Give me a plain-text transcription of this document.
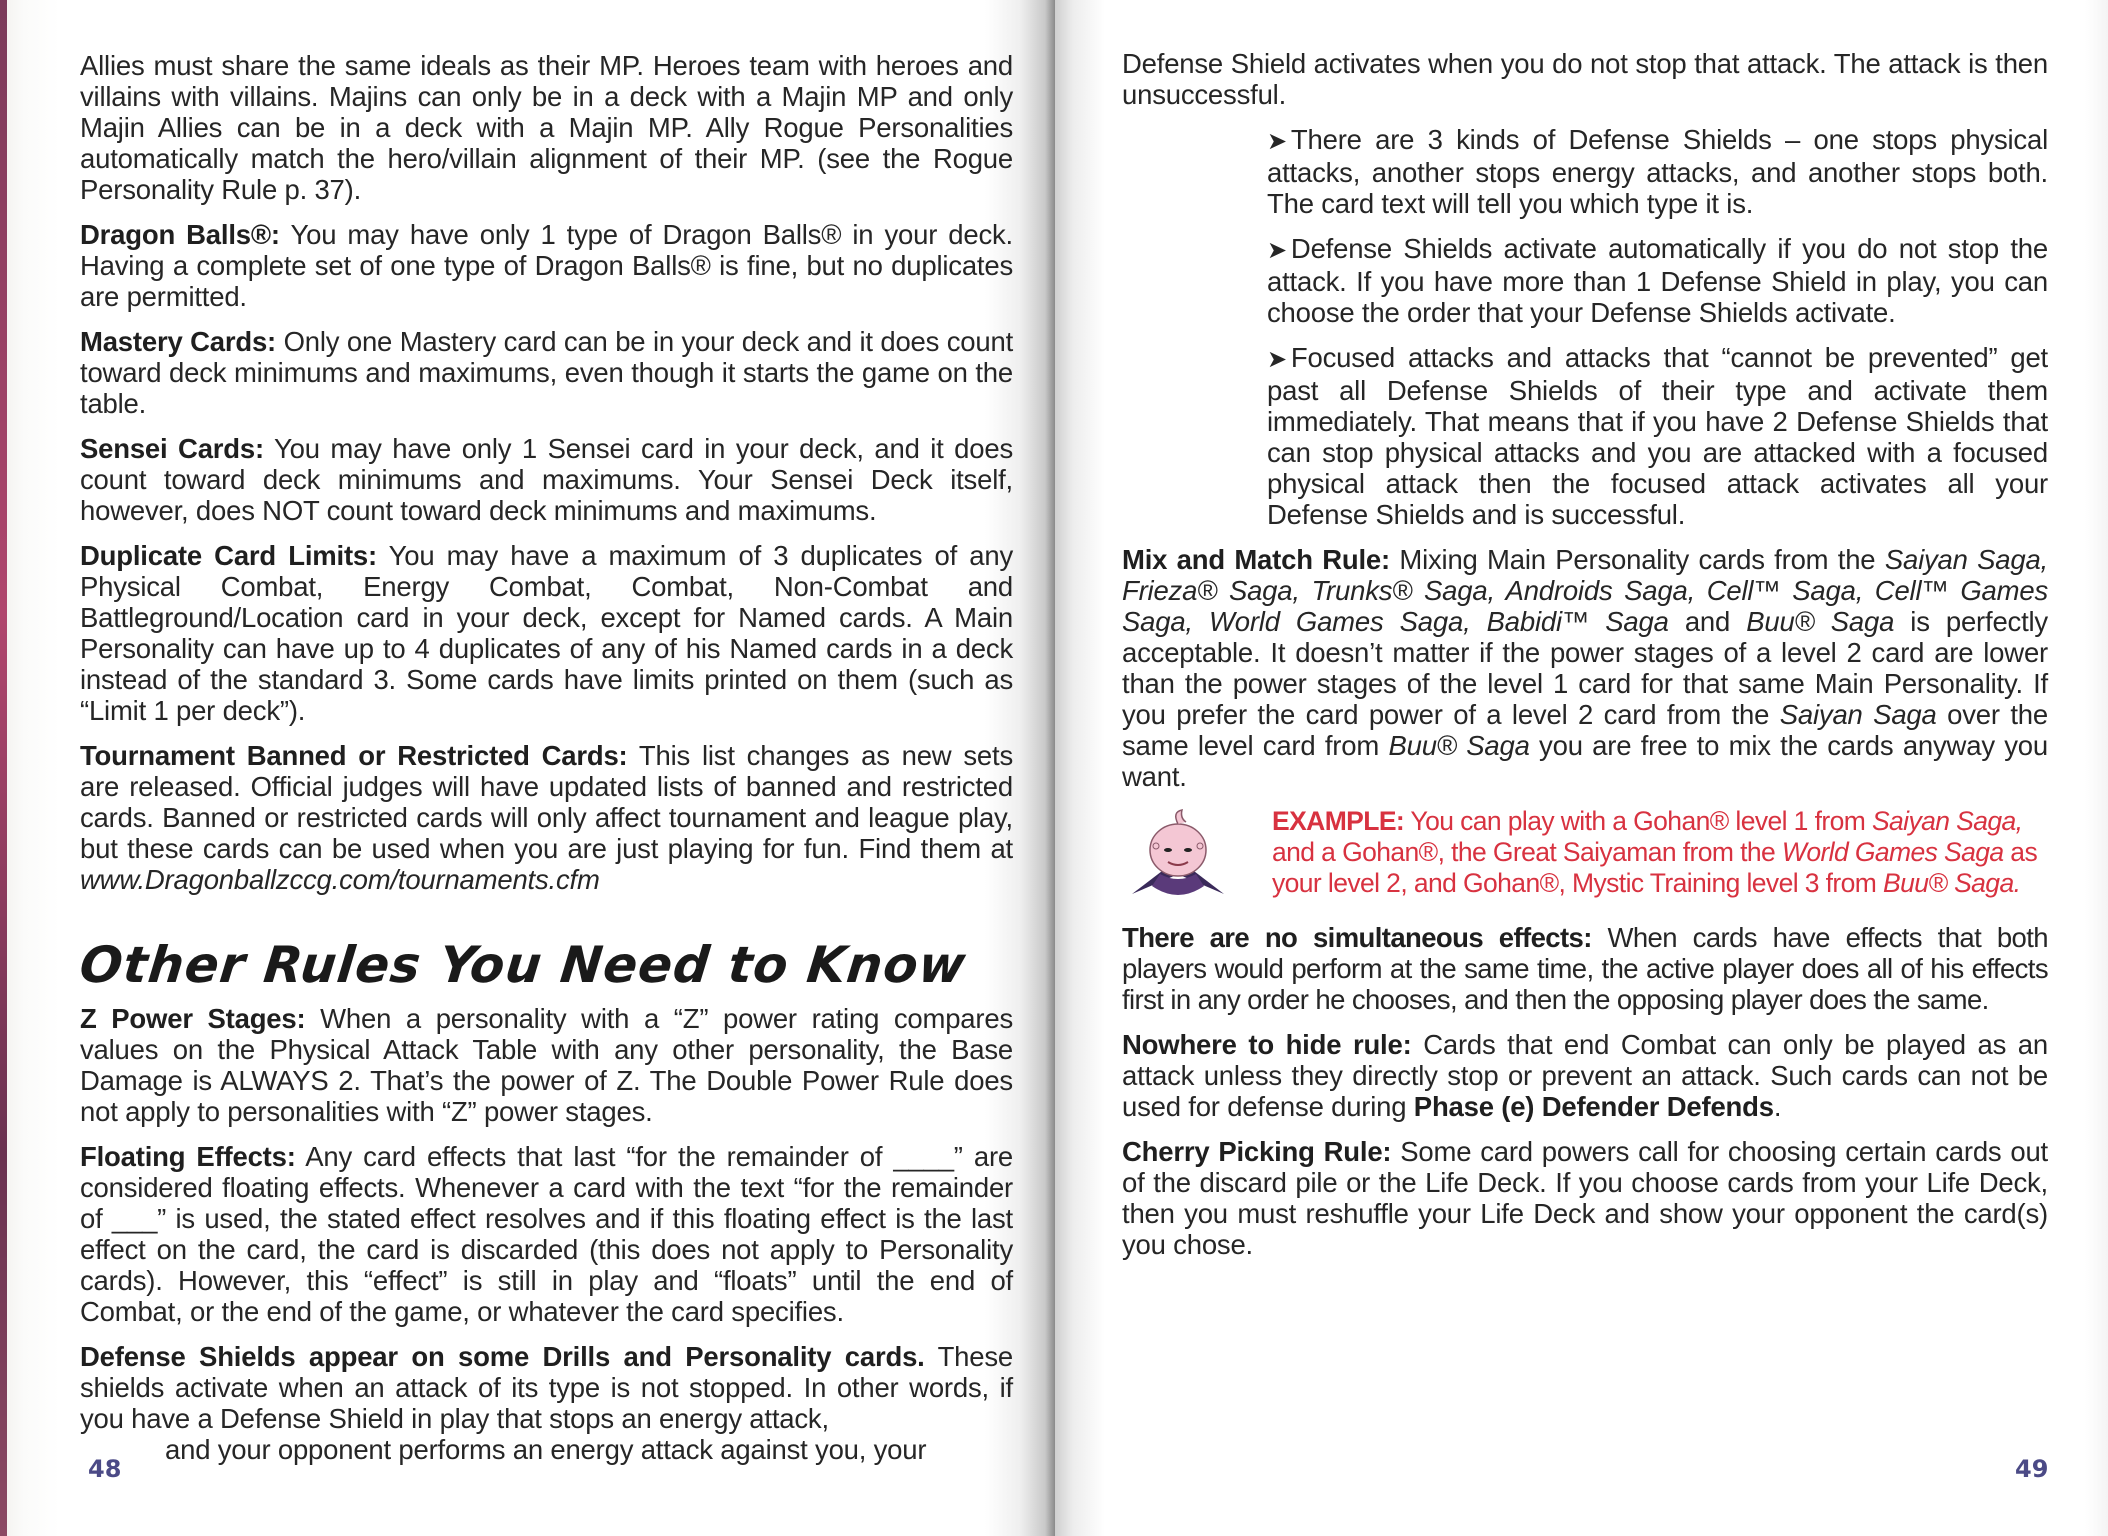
Allies must share the same ideals as their MP. Heroes team with heroes and villains with villains. Majins can only be in a deck with a Majin MP and only Majin Allies can be in a deck with a Majin MP. Ally Rogue Personalities automatically match the hero/villain alignment of their MP. (see the Rogue Personality Rule p. 37).

Dragon Balls®: You may have only 1 type of Dragon Balls® in your deck. Having a complete set of one type of Dragon Balls® is fine, but no duplicates are permitted.

Mastery Cards: Only one Mastery card can be in your deck and it does count toward deck minimums and maximums, even though it starts the game on the table.

Sensei Cards: You may have only 1 Sensei card in your deck, and it does count toward deck minimums and maximums. Your Sensei Deck itself, however, does NOT count toward deck minimums and maximums.

Duplicate Card Limits: You may have a maximum of 3 duplicates of any Physical Combat, Energy Combat, Combat, Non-Combat and Battleground/Location card in your deck, except for Named cards. A Main Personality can have up to 4 duplicates of any of his Named cards in a deck instead of the standard 3. Some cards have limits printed on them (such as “Limit 1 per deck”).

Tournament Banned or Restricted Cards: This list changes as new sets are released. Official judges will have updated lists of banned and restricted cards. Banned or restricted cards will only affect tournament and league play, but these cards can be used when you are just playing for fun. Find them at www.Dragonballzccg.com/tournaments.cfm

Other Rules You Need to Know

Z Power Stages: When a personality with a “Z” power rating compares values on the Physical Attack Table with any other personality, the Base Damage is ALWAYS 2. That’s the power of Z. The Double Power Rule does not apply to personalities with “Z” power stages.

Floating Effects: Any card effects that last “for the remainder of ____” are considered floating effects. Whenever a card with the text “for the remainder of ___” is used, the stated effect resolves and if this floating effect is the last effect on the card, the card is discarded (this does not apply to Personality cards). However, this “effect” is still in play and “floats” until the end of Combat, or the end of the game, or whatever the card specifies.

Defense Shields appear on some Drills and Personality cards. These shields activate when an attack of its type is not stopped. In other words, if you have a Defense Shield in play that stops an energy attack,

and your opponent performs an energy attack against you, your

48

Defense Shield activates when you do not stop that attack. The attack is then unsuccessful.

➤ There are 3 kinds of Defense Shields – one stops physical attacks, another stops energy attacks, and another stops both. The card text will tell you which type it is.

➤ Defense Shields activate automatically if you do not stop the attack. If you have more than 1 Defense Shield in play, you can choose the order that your Defense Shields activate.

➤ Focused attacks and attacks that “cannot be prevented” get past all Defense Shields of their type and activate them immediately. That means that if you have 2 Defense Shields that can stop physical attacks and you are attacked with a focused physical attack then the focused attack activates all your Defense Shields and is successful.

Mix and Match Rule: Mixing Main Personality cards from the Saiyan Saga, Frieza® Saga, Trunks® Saga, Androids Saga, Cell™ Saga, Cell™ Games Saga, World Games Saga, Babidi™ Saga and Buu® Saga is perfectly acceptable. It doesn’t matter if the power stages of a level 2 card are lower than the power stages of the level 1 card for that same Main Personality. If you prefer the card power of a level 2 card from the Saiyan Saga over the same level card from Buu® Saga you are free to mix the cards anyway you want.

EXAMPLE: You can play with a Gohan® level 1 from Saiyan Saga, and a Gohan®, the Great Saiyaman from the World Games Saga as your level 2, and Gohan®, Mystic Training level 3 from Buu® Saga.

There are no simultaneous effects: When cards have effects that both players would perform at the same time, the active player does all of his effects first in any order he chooses, and then the opposing player does the same.

Nowhere to hide rule: Cards that end Combat can only be played as an attack unless they directly stop or prevent an attack. Such cards can not be used for defense during Phase (e) Defender Defends.

Cherry Picking Rule: Some card powers call for choosing certain cards out of the discard pile or the Life Deck. If you choose cards from your Life Deck, then you must reshuffle your Life Deck and show your opponent the card(s) you chose.

49
